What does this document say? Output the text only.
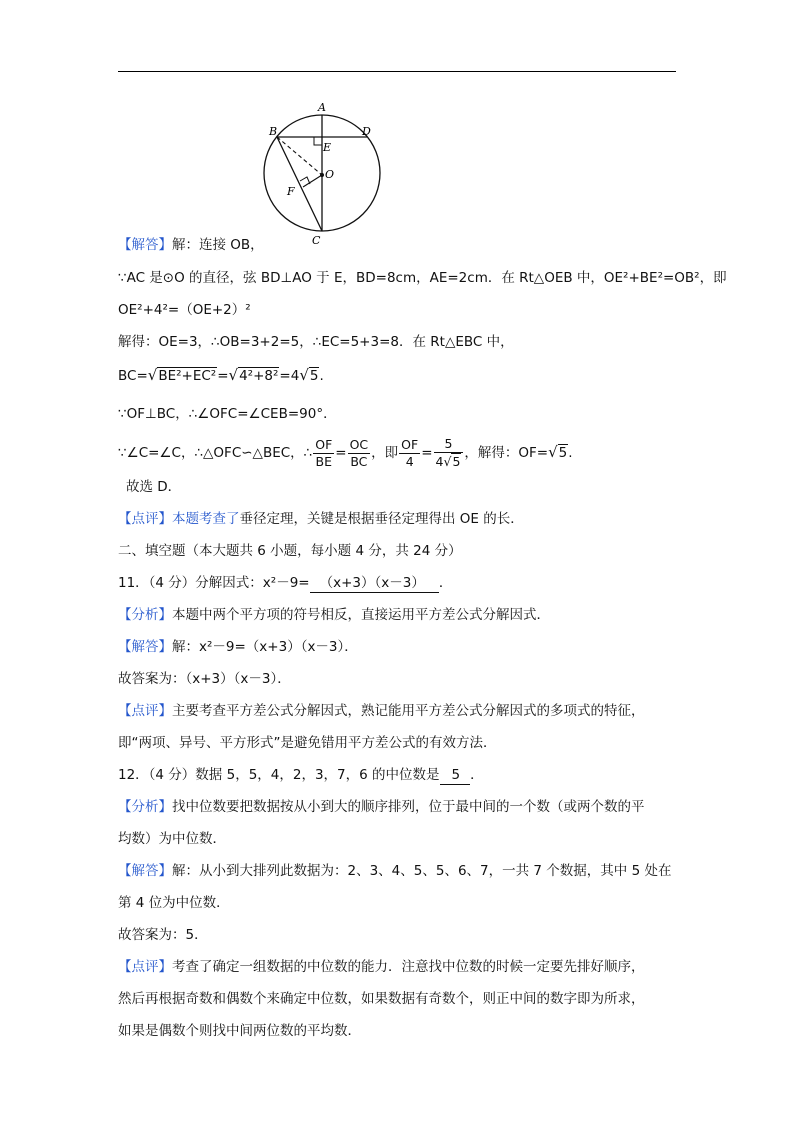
A
B	D
E
O
F
C
【解答】解：连接 OB，
∵AC 是⊙O 的直径，弦 BD⊥AO 于 E，BD=8cm，AE=2cm．在 Rt△OEB 中，OE²+BE²=OB²，即
OE²+4²=（OE+2）²
解得：OE=3，∴OB=3+2=5，∴EC=5+3=8．在 Rt△EBC 中，
BC=√BE²+EC²=√4²+8²=4√5.
∵OF⊥BC，∴∠OFC=∠CEB=90°．
∵∠C=∠C，∴△OFC∽△BEC，∴ $\frac{OF}{BE} = \frac{OC}{BC}$ ，即 $\frac{OF}{4} = \frac{5}{4√5}$ ，解得：OF=√5.
故选 D．
【点评】本题考查了垂径定理，关键是根据垂径定理得出 OE 的长．
二、填空题（本大题共 6 小题，每小题 4 分，共 24 分）
11．（4 分）分解因式：x²－9= （x+3）（x－3） ．
【分析】本题中两个平方项的符号相反，直接运用平方差公式分解因式．
【解答】解：x²－9=（x+3）（x－3）．
故答案为：（x+3）（x－3）．
【点评】主要考查平方差公式分解因式，熟记能用平方差公式分解因式的多项式的特征，
即“两项、异号、平方形式”是避免错用平方差公式的有效方法．
12．（4 分）数据 5，5，4，2，3，7，6 的中位数是 5 ．
【分析】找中位数要把数据按从小到大的顺序排列，位于最中间的一个数（或两个数的平
均数）为中位数．
【解答】解：从小到大排列此数据为：2、3、4、5、5、6、7，一共 7 个数据，其中 5 处在
第 4 位为中位数．
故答案为：5．
【点评】考查了确定一组数据的中位数的能力．注意找中位数的时候一定要先排好顺序，
然后再根据奇数和偶数个来确定中位数，如果数据有奇数个，则正中间的数字即为所求，
如果是偶数个则找中间两位数的平均数．
